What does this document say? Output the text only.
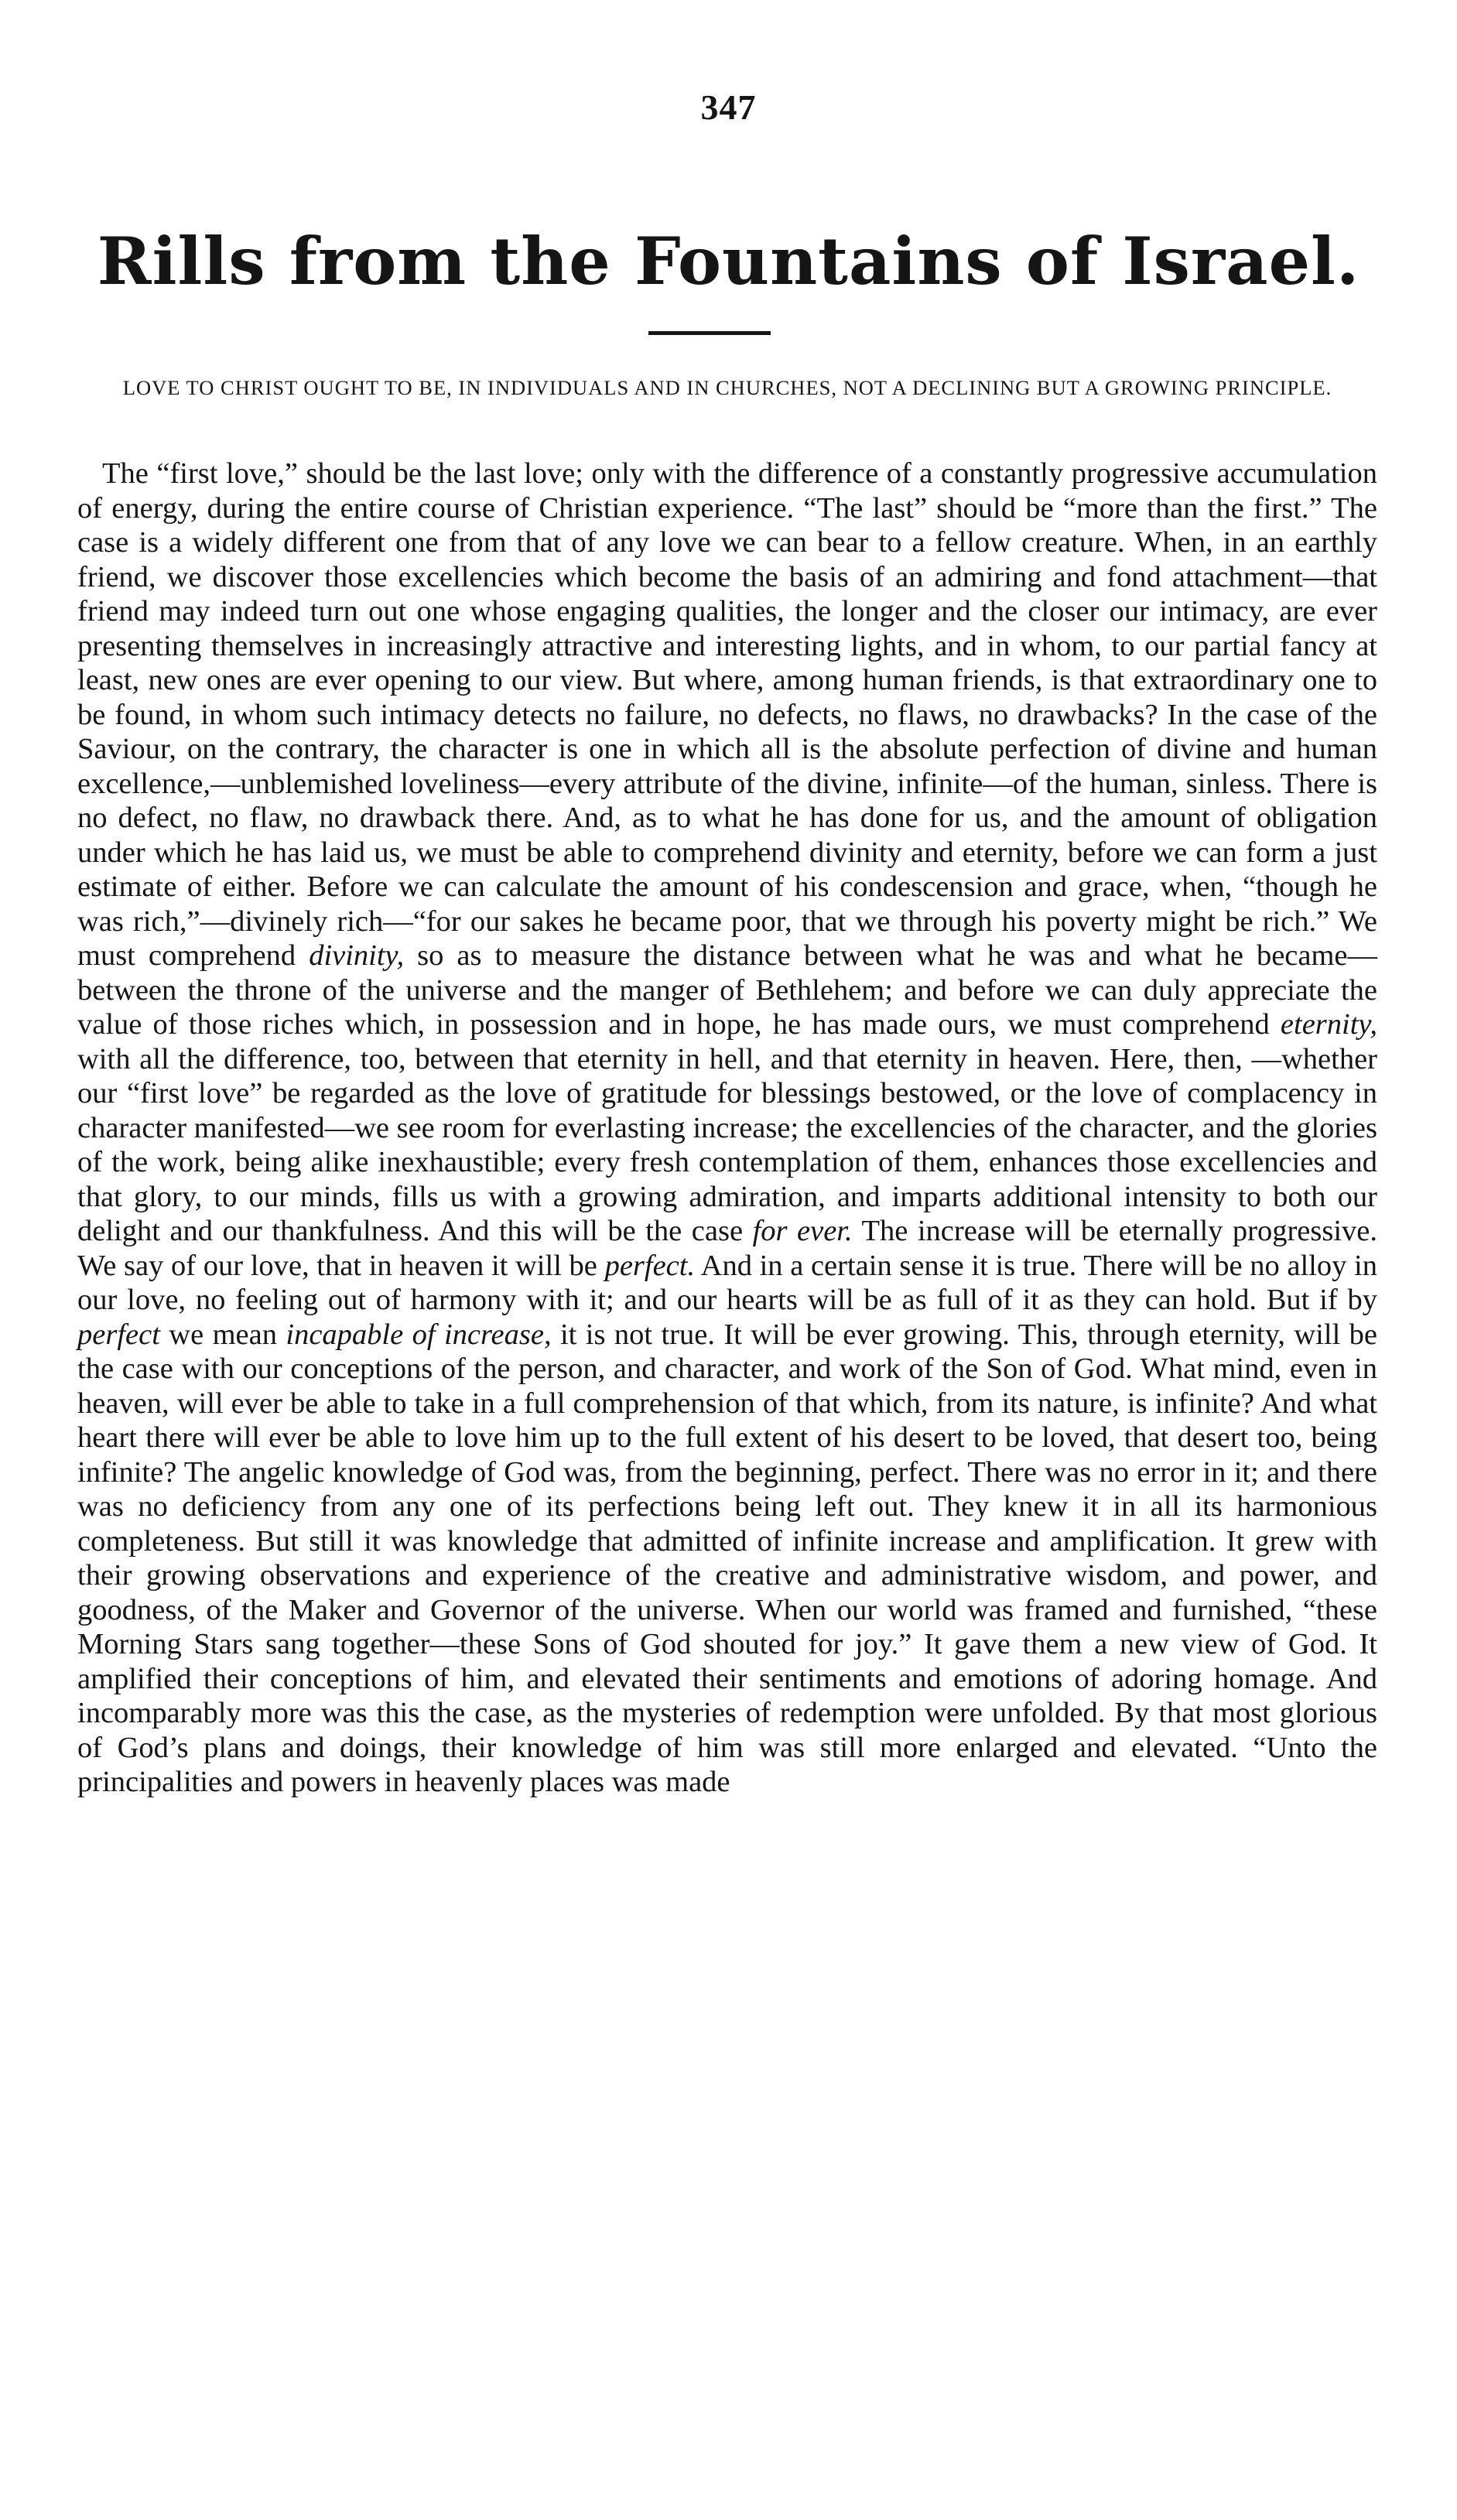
347
Rills from the Fountains of Israel.
LOVE TO CHRIST OUGHT TO BE, IN INDIVIDUALS AND IN CHURCHES, NOT A DECLINING BUT A GROWING PRINCIPLE.

The “first love,” should be the last love; only with the difference of a constantly progressive accumulation of energy, during the entire course of Christian experience. “The last” should be “more than the first.” The case is a widely different one from that of any love we can bear to a fellow creature. When, in an earthly friend, we discover those excellencies which become the basis of an admiring and fond attachment—that friend may indeed turn out one whose engaging qualities, the longer and the closer our intimacy, are ever presenting themselves in increasingly attractive and interesting lights, and in whom, to our partial fancy at least, new ones are ever opening to our view. But where, among human friends, is that extraordinary one to be found, in whom such intimacy detects no failure, no defects, no flaws, no drawbacks? In the case of the Saviour, on the contrary, the character is one in which all is the absolute perfection of divine and human excellence,—unblemished loveliness—every attribute of the divine, infinite—of the human, sinless. There is no defect, no flaw, no drawback there. And, as to what he has done for us, and the amount of obligation under which he has laid us, we must be able to comprehend divinity and eternity, before we can form a just estimate of either. Before we can calculate the amount of his condescension and grace, when, “though he was rich,”—divinely rich—“for our sakes he became poor, that we through his poverty might be rich.” We must comprehend divinity, so as to measure the distance between what he was and what he became—between the throne of the universe and the manger of Bethlehem; and before we can duly appreciate the value of those riches which, in possession and in hope, he has made ours, we must comprehend eternity, with all the difference, too, between that eternity in hell, and that eternity in heaven. Here, then, —whether our “first love” be regarded as the love of gratitude for blessings bestowed, or the love of complacency in character manifested—we see room for everlasting increase; the excellencies of the character, and the glories of the work, being alike inexhaustible; every fresh contemplation of them, enhances those excellencies and that glory, to our minds, fills us with a growing admiration, and imparts additional intensity to both our delight and our thankfulness. And this will be the case for ever. The increase will be eternally progressive. We say of our love, that in heaven it will be perfect. And in a certain sense it is true. There will be no alloy in our love, no feeling out of harmony with it; and our hearts will be as full of it as they can hold. But if by perfect we mean incapable of increase, it is not true. It will be ever growing. This, through eternity, will be the case with our conceptions of the person, and character, and work of the Son of God. What mind, even in heaven, will ever be able to take in a full comprehension of that which, from its nature, is infinite? And what heart there will ever be able to love him up to the full extent of his desert to be loved, that desert too, being infinite? The angelic knowledge of God was, from the beginning, perfect. There was no error in it; and there was no deficiency from any one of its perfections being left out. They knew it in all its harmonious completeness. But still it was knowledge that admitted of infinite increase and amplification. It grew with their growing observations and experience of the creative and administrative wisdom, and power, and goodness, of the Maker and Governor of the universe. When our world was framed and furnished, “these Morning Stars sang together—these Sons of God shouted for joy.” It gave them a new view of God. It amplified their conceptions of him, and elevated their sentiments and emotions of adoring homage. And incomparably more was this the case, as the mysteries of redemption were unfolded. By that most glorious of God’s plans and doings, their knowledge of him was still more enlarged and elevated. “Unto the principalities and powers in heavenly places was made
